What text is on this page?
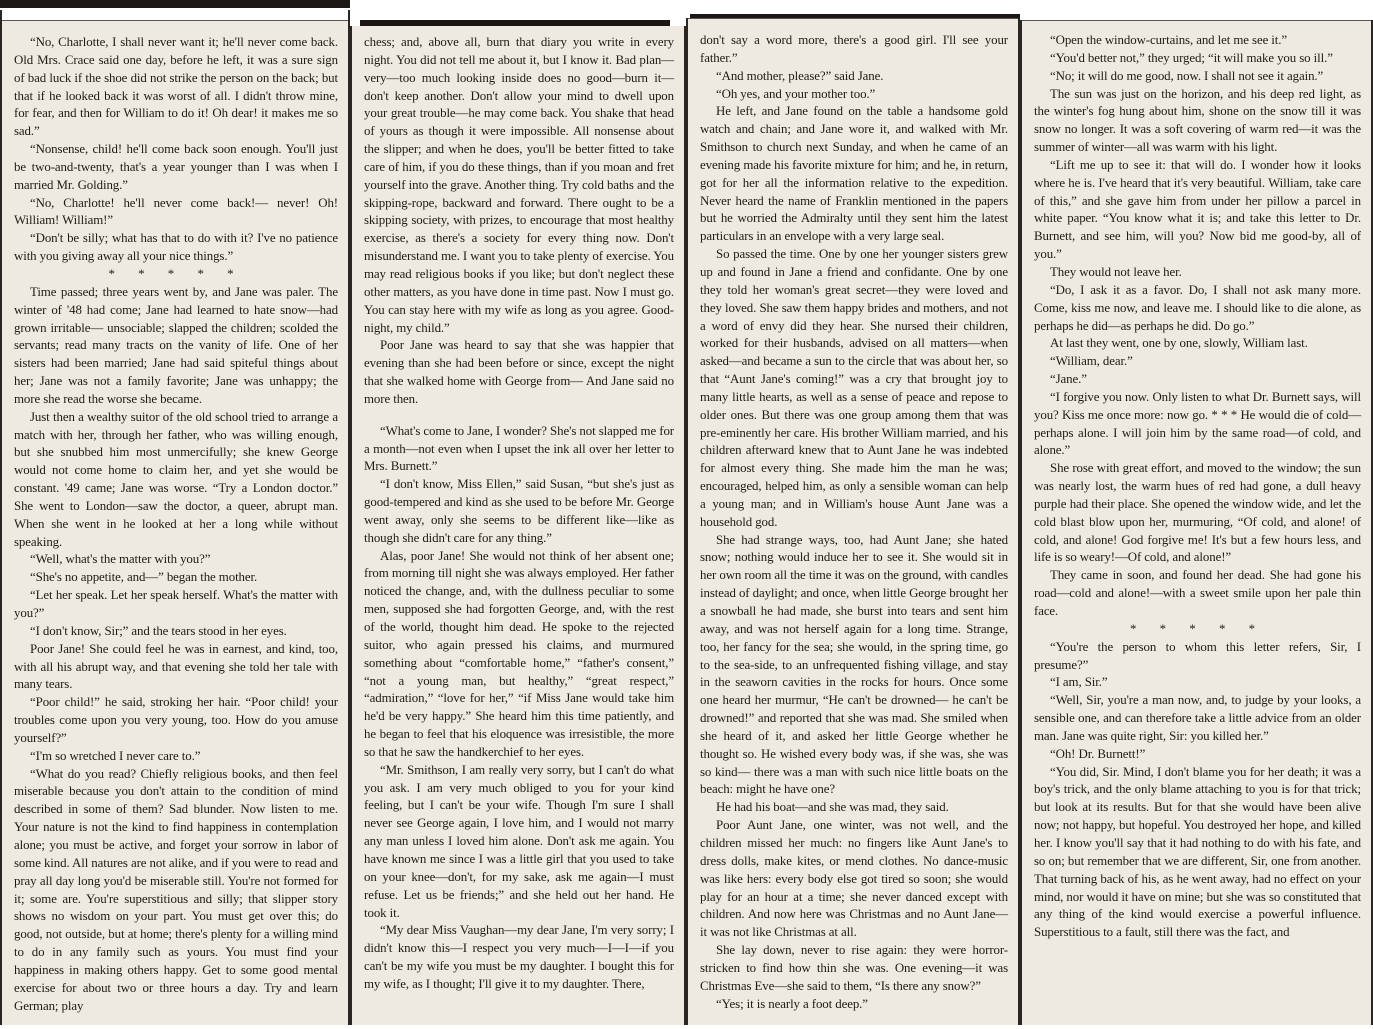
“No, Charlotte, I shall never want it; he'll never come back. Old Mrs. Crace said one day, before he left, it was a sure sign of bad luck if the shoe did not strike the person on the back; but that if he looked back it was worst of all. I didn't throw mine, for fear, and then for William to do it! Oh dear! it makes me so sad.”

“Nonsense, child! he'll come back soon enough. You'll just be two-and-twenty, that's a year younger than I was when I married Mr. Golding.”

“No, Charlotte! he'll never come back!— never! Oh! William! William!”

“Don't be silly; what has that to do with it? I've no patience with you giving away all your nice things.”

* * * * *

Time passed; three years went by, and Jane was paler. The winter of '48 had come; Jane had learned to hate snow—had grown irritable— unsociable; slapped the children; scolded the servants; read many tracts on the vanity of life. One of her sisters had been married; Jane had said spiteful things about her; Jane was not a family favorite; Jane was unhappy; the more she read the worse she became.

Just then a wealthy suitor of the old school tried to arrange a match with her, through her father, who was willing enough, but she snubbed him most unmercifully; she knew George would not come home to claim her, and yet she would be constant. '49 came; Jane was worse. “Try a London doctor.” She went to London—saw the doctor, a queer, abrupt man. When she went in he looked at her a long while without speaking.

“Well, what's the matter with you?”

“She's no appetite, and—” began the mother.

“Let her speak. Let her speak herself. What's the matter with you?”

“I don't know, Sir;” and the tears stood in her eyes.

Poor Jane! She could feel he was in earnest, and kind, too, with all his abrupt way, and that evening she told her tale with many tears.

“Poor child!” he said, stroking her hair. “Poor child! your troubles come upon you very young, too. How do you amuse yourself?”

“I'm so wretched I never care to.”

“What do you read? Chiefly religious books, and then feel miserable because you don't attain to the condition of mind described in some of them? Sad blunder. Now listen to me. Your nature is not the kind to find happiness in contemplation alone; you must be active, and forget your sorrow in labor of some kind. All natures are not alike, and if you were to read and pray all day long you'd be miserable still. You're not formed for it; some are. You're superstitious and silly; that slipper story shows no wisdom on your part. You must get over this; do good, not outside, but at home; there's plenty for a willing mind to do in any family such as yours. You must find your happiness in making others happy. Get to some good mental exercise for about two or three hours a day. Try and learn German; play

chess; and, above all, burn that diary you write in every night. You did not tell me about it, but I know it. Bad plan—very—too much looking inside does no good—burn it—don't keep another. Don't allow your mind to dwell upon your great trouble—he may come back. You shake that head of yours as though it were impossible. All nonsense about the slipper; and when he does, you'll be better fitted to take care of him, if you do these things, than if you moan and fret yourself into the grave. Another thing. Try cold baths and the skipping-rope, backward and forward. There ought to be a skipping society, with prizes, to encourage that most healthy exercise, as there's a society for every thing now. Don't misunderstand me. I want you to take plenty of exercise. You may read religious books if you like; but don't neglect these other matters, as you have done in time past. Now I must go. You can stay here with my wife as long as you agree. Good-night, my child.”

Poor Jane was heard to say that she was happier that evening than she had been before or since, except the night that she walked home with George from— And Jane said no more then.

“What's come to Jane, I wonder? She's not slapped me for a month—not even when I upset the ink all over her letter to Mrs. Burnett.”

“I don't know, Miss Ellen,” said Susan, “but she's just as good-tempered and kind as she used to be before Mr. George went away, only she seems to be different like—like as though she didn't care for any thing.”

Alas, poor Jane! She would not think of her absent one; from morning till night she was always employed. Her father noticed the change, and, with the dullness peculiar to some men, supposed she had forgotten George, and, with the rest of the world, thought him dead. He spoke to the rejected suitor, who again pressed his claims, and murmured something about “comfortable home,” “father's consent,” “not a young man, but healthy,” “great respect,” “admiration,” “love for her,” “if Miss Jane would take him he'd be very happy.” She heard him this time patiently, and he began to feel that his eloquence was irresistible, the more so that he saw the handkerchief to her eyes.

“Mr. Smithson, I am really very sorry, but I can't do what you ask. I am very much obliged to you for your kind feeling, but I can't be your wife. Though I'm sure I shall never see George again, I love him, and I would not marry any man unless I loved him alone. Don't ask me again. You have known me since I was a little girl that you used to take on your knee—don't, for my sake, ask me again—I must refuse. Let us be friends;” and she held out her hand. He took it.

“My dear Miss Vaughan—my dear Jane, I'm very sorry; I didn't know this—I respect you very much—I—I—if you can't be my wife you must be my daughter. I bought this for my wife, as I thought; I'll give it to my daughter. There,

don't say a word more, there's a good girl. I'll see your father.”

“And mother, please?” said Jane.

“Oh yes, and your mother too.”

He left, and Jane found on the table a handsome gold watch and chain; and Jane wore it, and walked with Mr. Smithson to church next Sunday, and when he came of an evening made his favorite mixture for him; and he, in return, got for her all the information relative to the expedition. Never heard the name of Franklin mentioned in the papers but he worried the Admiralty until they sent him the latest particulars in an envelope with a very large seal.

So passed the time. One by one her younger sisters grew up and found in Jane a friend and confidante. One by one they told her woman's great secret—they were loved and they loved. She saw them happy brides and mothers, and not a word of envy did they hear. She nursed their children, worked for their husbands, advised on all matters—when asked—and became a sun to the circle that was about her, so that “Aunt Jane's coming!” was a cry that brought joy to many little hearts, as well as a sense of peace and repose to older ones. But there was one group among them that was pre-eminently her care. His brother William married, and his children afterward knew that to Aunt Jane he was indebted for almost every thing. She made him the man he was; encouraged, helped him, as only a sensible woman can help a young man; and in William's house Aunt Jane was a household god.

She had strange ways, too, had Aunt Jane; she hated snow; nothing would induce her to see it. She would sit in her own room all the time it was on the ground, with candles instead of daylight; and once, when little George brought her a snowball he had made, she burst into tears and sent him away, and was not herself again for a long time. Strange, too, her fancy for the sea; she would, in the spring time, go to the sea-side, to an unfrequented fishing village, and stay in the seaworn cavities in the rocks for hours. Once some one heard her murmur, “He can't be drowned— he can't be drowned!” and reported that she was mad. She smiled when she heard of it, and asked her little George whether he thought so. He wished every body was, if she was, she was so kind— there was a man with such nice little boats on the beach: might he have one?

He had his boat—and she was mad, they said.

Poor Aunt Jane, one winter, was not well, and the children missed her much: no fingers like Aunt Jane's to dress dolls, make kites, or mend clothes. No dance-music was like hers: every body else got tired so soon; she would play for an hour at a time; she never danced except with children. And now here was Christmas and no Aunt Jane— it was not like Christmas at all.

She lay down, never to rise again: they were horror-stricken to find how thin she was. One evening—it was Christmas Eve—she said to them, “Is there any snow?”

“Yes; it is nearly a foot deep.”

“Open the window-curtains, and let me see it.”

“You'd better not,” they urged; “it will make you so ill.”

“No; it will do me good, now. I shall not see it again.”

The sun was just on the horizon, and his deep red light, as the winter's fog hung about him, shone on the snow till it was snow no longer. It was a soft covering of warm red—it was the summer of winter—all was warm with his light.

“Lift me up to see it: that will do. I wonder how it looks where he is. I've heard that it's very beautiful. William, take care of this,” and she gave him from under her pillow a parcel in white paper. “You know what it is; and take this letter to Dr. Burnett, and see him, will you? Now bid me good-by, all of you.”

They would not leave her.

“Do, I ask it as a favor. Do, I shall not ask many more. Come, kiss me now, and leave me. I should like to die alone, as perhaps he did—as perhaps he did. Do go.”

At last they went, one by one, slowly, William last.

“William, dear.”

“Jane.”

“I forgive you now. Only listen to what Dr. Burnett says, will you? Kiss me once more: now go. * * * He would die of cold—perhaps alone. I will join him by the same road—of cold, and alone.”

She rose with great effort, and moved to the window; the sun was nearly lost, the warm hues of red had gone, a dull heavy purple had their place. She opened the window wide, and let the cold blast blow upon her, murmuring, “Of cold, and alone! of cold, and alone! God forgive me! It's but a few hours less, and life is so weary!—Of cold, and alone!”

They came in soon, and found her dead. She had gone his road—cold and alone!—with a sweet smile upon her pale thin face.

* * * * *

“You're the person to whom this letter refers, Sir, I presume?”

“I am, Sir.”

“Well, Sir, you're a man now, and, to judge by your looks, a sensible one, and can therefore take a little advice from an older man. Jane was quite right, Sir: you killed her.”

“Oh! Dr. Burnett!”

“You did, Sir. Mind, I don't blame you for her death; it was a boy's trick, and the only blame attaching to you is for that trick; but look at its results. But for that she would have been alive now; not happy, but hopeful. You destroyed her hope, and killed her. I know you'll say that it had nothing to do with his fate, and so on; but remember that we are different, Sir, one from another. That turning back of his, as he went away, had no effect on your mind, nor would it have on mine; but she was so constituted that any thing of the kind would exercise a powerful influence. Superstitious to a fault, still there was the fact, and
